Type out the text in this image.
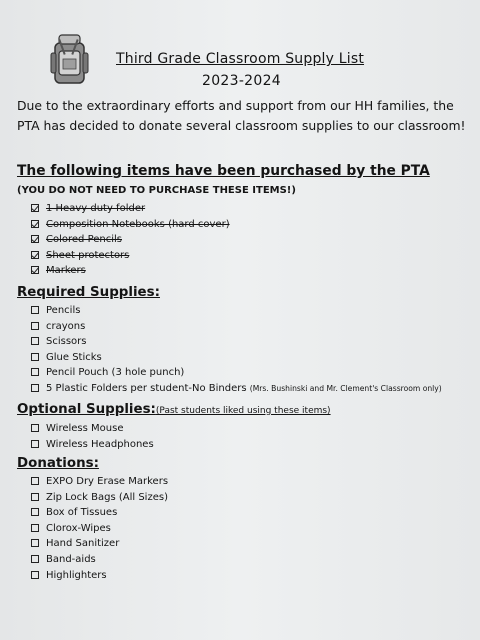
Third Grade Classroom Supply List
2023-2024
Due to the extraordinary efforts and support from our HH families, the PTA has decided to donate several classroom supplies to our classroom!
The following items have been purchased by the PTA
(YOU DO NOT NEED TO PURCHASE THESE ITEMS!)
1 Heavy duty folder
Composition Notebooks (hard cover)
Colored Pencils
Sheet protectors
Markers
Required Supplies:
Pencils
crayons
Scissors
Glue Sticks
Pencil Pouch (3 hole punch)
5 Plastic Folders per student-No Binders (Mrs. Bushinski and Mr. Clement's Classroom only)
Optional Supplies:(Past students liked using these items)
Wireless Mouse
Wireless Headphones
Donations:
EXPO Dry Erase Markers
Zip Lock Bags (All Sizes)
Box of Tissues
Clorox-Wipes
Hand Sanitizer
Band-aids
Highlighters
